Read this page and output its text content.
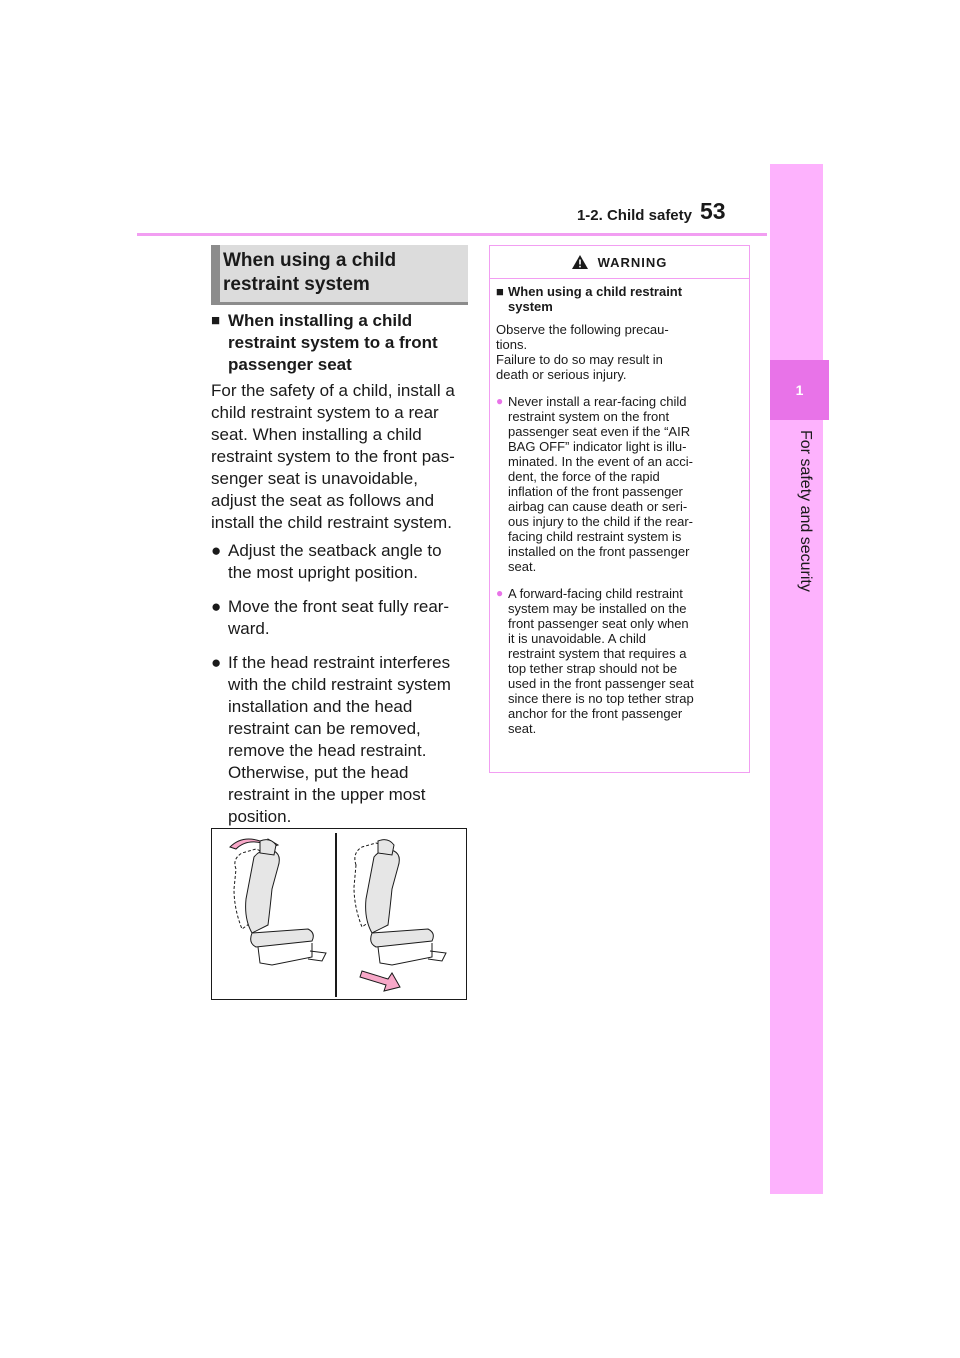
1-2. Child safety 53
1
For safety and security
When using a child
restraint system
■ When installing a child
restraint system to a front
passenger seat
For the safety of a child, install a
child restraint system to a rear
seat. When installing a child
restraint system to the front pas-
senger seat is unavoidable,
adjust the seat as follows and
install the child restraint system.
● Adjust the seatback angle to
the most upright position.
● Move the front seat fully rear-
ward.
● If the head restraint interferes
with the child restraint system
installation and the head
restraint can be removed,
remove the head restraint.
Otherwise, put the head
restraint in the upper most
position.
WARNING
■ When using a child restraint
system
Observe the following precau-
tions.
Failure to do so may result in
death or serious injury.
● Never install a rear-facing child
restraint system on the front
passenger seat even if the “AIR
BAG OFF” indicator light is illu-
minated. In the event of an acci-
dent, the force of the rapid
inflation of the front passenger
airbag can cause death or seri-
ous injury to the child if the rear-
facing child restraint system is
installed on the front passenger
seat.
● A forward-facing child restraint
system may be installed on the
front passenger seat only when
it is unavoidable. A child
restraint system that requires a
top tether strap should not be
used in the front passenger seat
since there is no top tether strap
anchor for the front passenger
seat.
